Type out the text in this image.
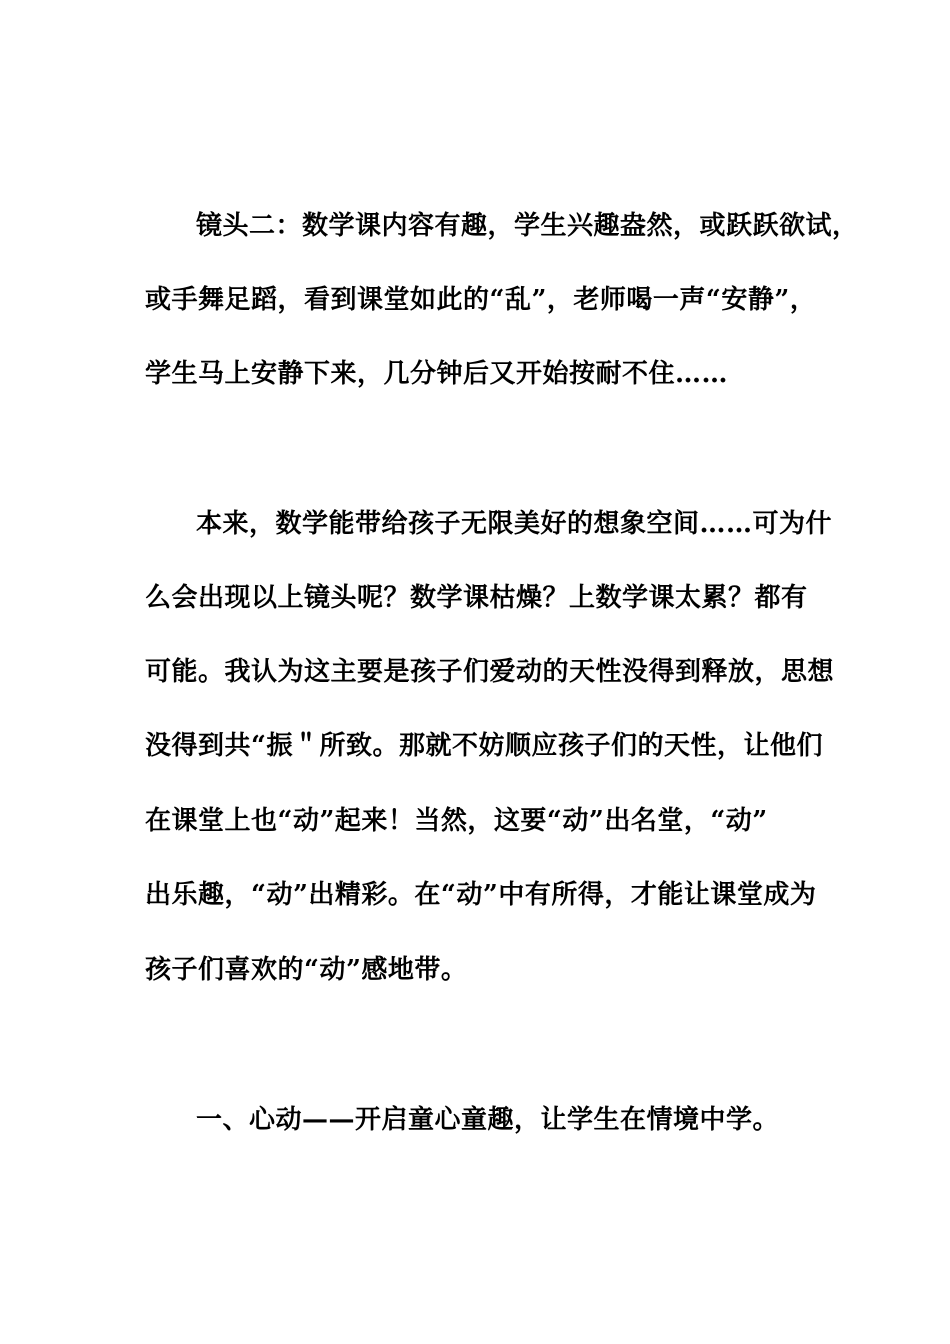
镜头二：数学课内容有趣，学生兴趣盎然，或跃跃欲试，
或手舞足蹈，看到课堂如此的“乱”，老师喝一声“安静”，
学生马上安静下来，几分钟后又开始按耐不住……
本来，数学能带给孩子无限美好的想象空间……可为什
么会出现以上镜头呢？数学课枯燥？上数学课太累？都有
可能。我认为这主要是孩子们爱动的天性没得到释放，思想
没得到共“振＂所致。那就不妨顺应孩子们的天性，让他们
在课堂上也“动”起来！当然，这要“动”出名堂，“动”
出乐趣，“动”出精彩。在“动”中有所得，才能让课堂成为
孩子们喜欢的“动”感地带。
一、心动——开启童心童趣，让学生在情境中学。
